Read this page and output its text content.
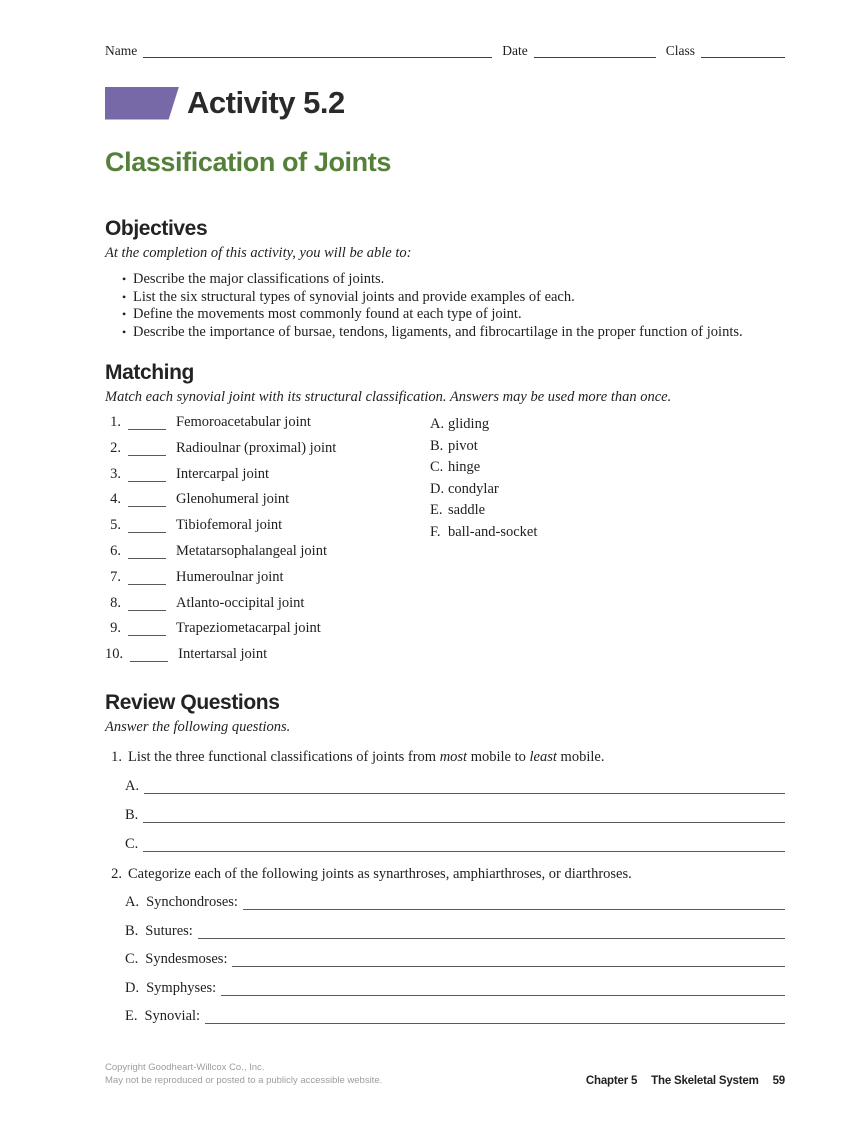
Name	Date	Class
Activity 5.2
Classification of Joints
Objectives

At the completion of this activity, you will be able to:

• Describe the major classifications of joints.
• List the six structural types of synovial joints and provide examples of each.
• Define the movements most commonly found at each type of joint.
• Describe the importance of bursae, tendons, ligaments, and fibrocartilage in the proper function of joints.
Matching

Match each synovial joint with its structural classification. Answers may be used more than once.

1.	Femoroacetabular joint
2.	Radioulnar (proximal) joint
3.	Intercarpal joint
4.	Glenohumeral joint
5.	Tibiofemoral joint
6.	Metatarsophalangeal joint
7.	Humeroulnar joint
8.	Atlanto-occipital joint
9.	Trapeziometacarpal joint
10.	Intertarsal joint
A. gliding
B. pivot
C. hinge
D. condylar
E. saddle
F. ball-and-socket
Review Questions

Answer the following questions.

1. List the three functional classifications of joints from most mobile to least mobile.
A.
B.
C.
2. Categorize each of the following joints as synarthroses, amphiarthroses, or diarthroses.
A. Synchondroses:
B. Sutures:
C. Syndesmoses:
D. Symphyses:
E. Synovial:
Copyright Goodheart-Willcox Co., Inc.
May not be reproduced or posted to a publicly accessible website.	Chapter 5 The Skeletal System 59
